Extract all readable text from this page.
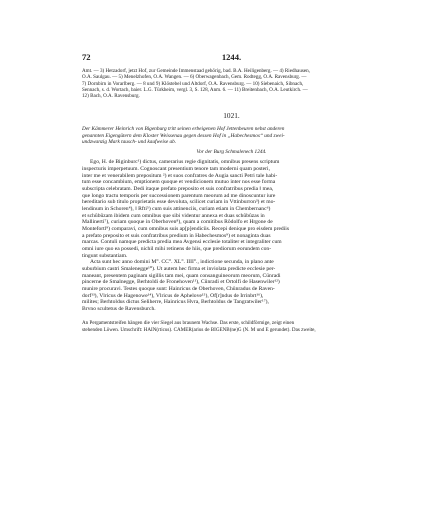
72	1244.
Amt. — 3) Hetzadorf, jetzt Hof, zur Gemeinde Immenstaad gehörig, bad. B.A. Heiligenberg. — 4) Riedhausen,
O.A. Saulgau. — 5) Menelzhofen, O.A. Wangen. — 6) Oberwagenbach, Gem. Rodtegg, O.A. Ravensburg. —
7) Dornbirn in Vorarlberg. — 8 und 9) Klöstebel und Altdorf, O.A. Ravensburg. — 10) Siebenaich, Sibnach,
Sennach, s. d. Wortach, baier. L.G. Türkheim, vergl. 3, S. 128, Anm. 6. — 11) Breitenbach, O.A. Leutkirch. —
12) Bach, O.A. Ravensburg.
1021.
Der Kämmerer Heinrich von Bigenburg tritt seinen erbeigenen Hof Jettenbeuren nebst anderen
genannten Eigengütern dem Kloster Weissenau gegen dessen Hof in „Habechesmos“ und zwei-
undzwanzig Mark tausch- und kaufweise ab.
Vor der Burg Schmalenech 1244.
Ego, H. de Biginburc¹) dictus, camerarius regie dignitatis, omnibus presens scriptum
inspecturis imperpetuum. Cognoscant presentium tenore tam moderni quam posteri,
inter me et venerabilem prepositum ²) et suos confratres de Augia sancti Petri tale habi-
tum esse concambium, emptionem quoque et vendicionem mutuo inter nos esse forma
subscripta celebratam. Dedi itaque prefato preposito et suis confratribus predia ‖ mea,
que longo tractu temporis per successionem parentum meorum ad me dinoscuntur iure
hereditario sub titulo proprietatis esse devoluta, scilicet curiam in Vttinburron³) et mo-
lendinum in Schoren⁴), ‖ Rfti⁵) cum suis attinenciis, curiam etiam in Chembernanc⁶)
et schûbûzam ibidem cum omnibus que sibi videntur annexa et duas schûbûzas in
Mallinerti⁷), curiam quoque in Oberhoven⁸), quam a comitibus Rôdolfo et Hrgone de
Montefortl⁹) comparavi, cum omnibus suis ap[p]endiciis. Recepi denique pro eisdem prediis
a prefato preposito et suis confratribus predium in Habechesmos⁹) et nonaginta duas
marcas. Contuli namque predicta predia mea Avgensi ecclesie totaliter et integraliter cum
omni iure quo ea possedi, nichil mihi retinens de hiis, que prediorum eorundem con-
tingunt substantiam.
Acta sunt hec anno domini M°. CC°. XL°. IIII°., indictione secunda, in plano ante
suburbium castri Smalenegge¹⁰). Ut autem hec firma et inviolata predicte ecclesie per-
maneant, presentem paginam sigillis tam mei, quam consanguineorum meorum, Cünradi
pincerne de Smalnegge, Berhtoldi de Fronehoven¹¹), Cûnradi et Ortolfi de Hasenwiler¹²)
munire procuravi. Testes quoque sunt: Hainricus de Oberhoven, Chûnradus de Raven-
dorf¹³), Vlricus de Hagenowe¹⁴), Vlricus de Aphelove¹⁵), Of[r]ndus de Irrinbrt¹⁶),
milites; Berhtoldus dictus Seliherre, Hainricus Hvra, Berhtoldus de Tangratwiler¹⁷),
Brvno scultetus de Ravensburch.
An Pergamentstreifen hängen die vier Siegel aus braunem Wachse. Das erste, schildförmige, zeigt einen
stehenden Löwen. Umschrift: HAIN(rticus). CAMER(arius de BIGENB(ne)G (N. M und E gerundet). Das zweite,
